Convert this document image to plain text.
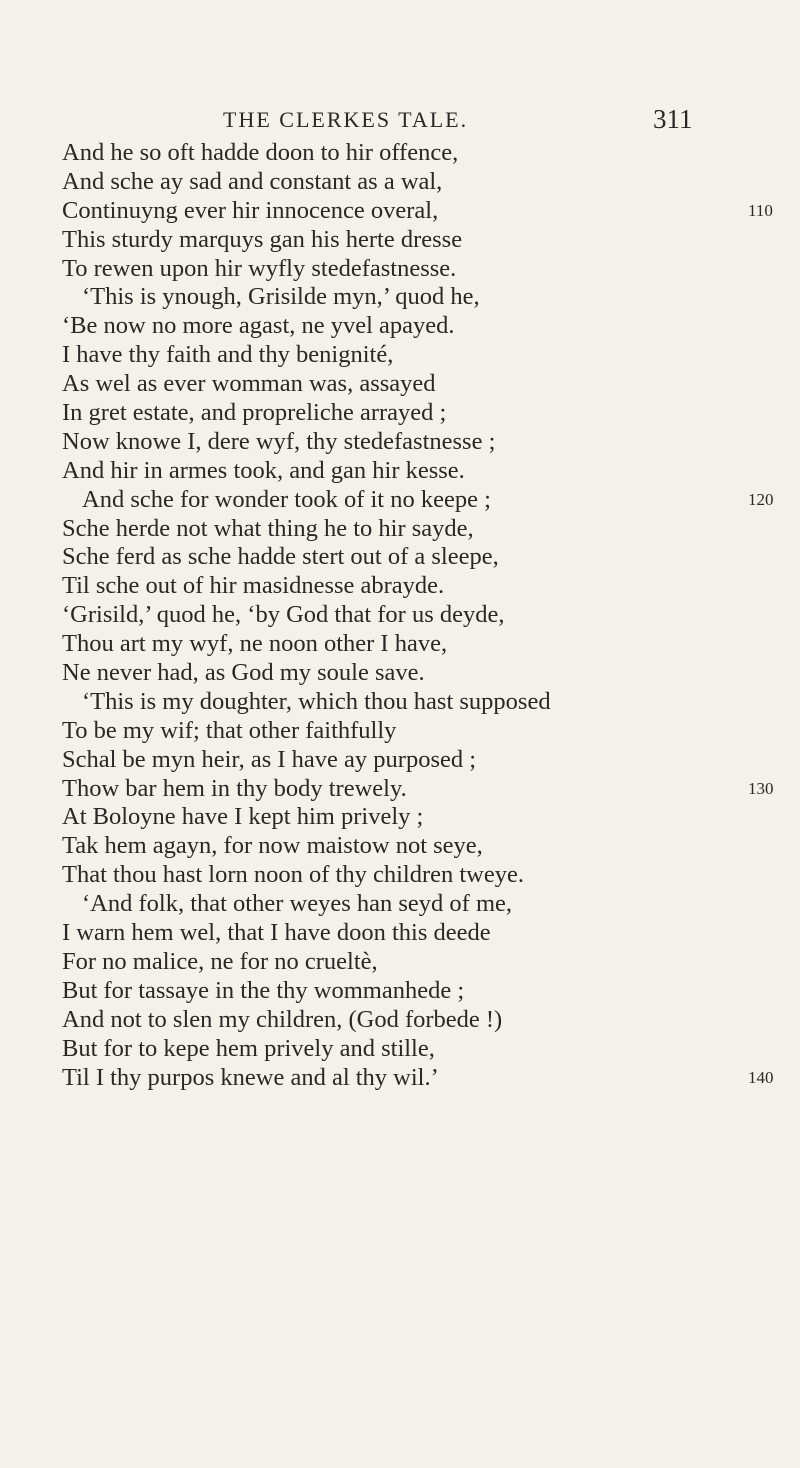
THE CLERKES TALE.	311
And he so oft hadde doon to hir offence,
And sche ay sad and constant as a wal,
Continuyng ever hir innocence overal,	110
This sturdy marquys gan his herte dresse
To rewen upon hir wyfly stedefastnesse.
‘This is ynough, Grisilde myn,’ quod he,
‘Be now no more agast, ne yvel apayed.
I have thy faith and thy benignité,
As wel as ever womman was, assayed
In gret estate, and propreliche arrayed ;
Now knowe I, dere wyf, thy stedefastnesse ;
And hir in armes took, and gan hir kesse.
And sche for wonder took of it no keepe ;	120
Sche herde not what thing he to hir sayde,
Sche ferd as sche hadde stert out of a sleepe,
Til sche out of hir masidnesse abrayde.
‘Grisild,’ quod he, ‘by God that for us deyde,
Thou art my wyf, ne noon other I have,
Ne never had, as God my soule save.
‘This is my doughter, which thou hast supposed
To be my wif; that other faithfully
Schal be myn heir, as I have ay purposed ;
Thow bar hem in thy body trewely.	130
At Boloyne have I kept him prively ;
Tak hem agayn, for now maistow not seye,
That thou hast lorn noon of thy children tweye.
‘And folk, that other weyes han seyd of me,
I warn hem wel, that I have doon this deede
For no malice, ne for no crueltè,
But for tassaye in the thy wommanhede ;
And not to slen my children, (God forbede !)
But for to kepe hem prively and stille,
Til I thy purpos knewe and al thy wil.’	140
